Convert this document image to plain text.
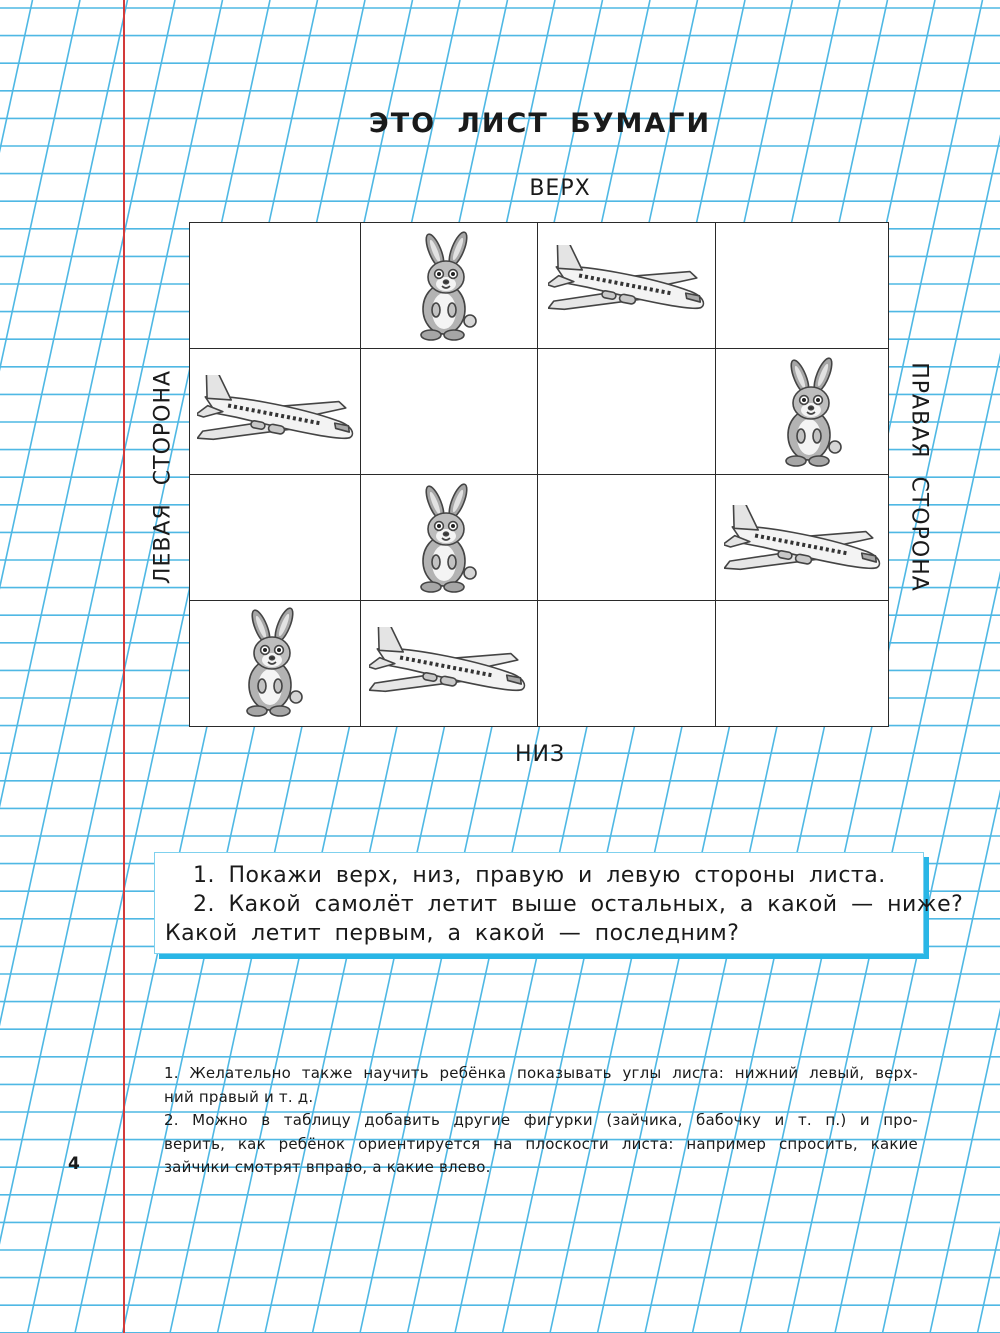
ЭТО ЛИСТ БУМАГИ
ВЕРХ
НИЗ
ЛЕВАЯ СТОРОНА	ПРАВАЯ СТОРОНА
1. Покажи верх, низ, правую и левую стороны листа.
2. Какой самолёт летит выше остальных, а какой — ниже?
Какой летит первым, а какой — последним?
1. Желательно также научить ребёнка показывать углы листа: нижний левый, верх-
ний правый и т. д.
2. Можно в таблицу добавить другие фигурки (зайчика, бабочку и т. п.) и про-
верить, как ребёнок ориентируется на плоскости листа: например спросить, какие
зайчики смотрят вправо, а какие влево.
4
